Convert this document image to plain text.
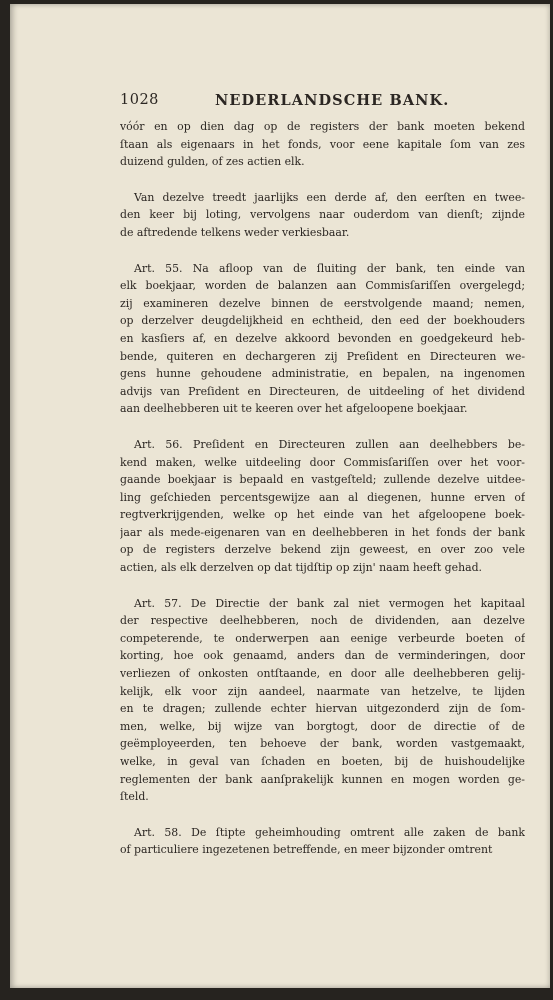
1028	NEDERLANDSCHE BANK.
vóór en op dien dag op de registers der bank moeten bekend
ſtaan als eigenaars in het fonds, voor eene kapitale ſom van zes
duizend gulden, of zes actien elk.
Van dezelve treedt jaarlijks een derde af, den eerſten en twee-
den keer bij loting, vervolgens naar ouderdom van dienſt; zijnde
de aftredende telkens weder verkiesbaar.
Art. 55. Na afloop van de ſluiting der bank, ten einde van
elk boekjaar, worden de balanzen aan Commisſariſſen overgelegd;
zij examineren dezelve binnen de eerstvolgende maand; nemen,
op derzelver deugdelijkheid en echtheid, den eed der boekhouders
en kasſiers af, en dezelve akkoord bevonden en goedgekeurd heb-
bende, quiteren en dechargeren zij Preſident en Directeuren we-
gens hunne gehoudene administratie, en bepalen, na ingenomen
advijs van Preſident en Directeuren, de uitdeeling of het dividend
aan deelhebberen uit te keeren over het afgeloopene boekjaar.
Art. 56. Preſident en Directeuren zullen aan deelhebbers be-
kend maken, welke uitdeeling door Commisſariſſen over het voor-
gaande boekjaar is bepaald en vastgeſteld; zullende dezelve uitdee-
ling geſchieden percentsgewijze aan al diegenen, hunne erven of
regtverkrijgenden, welke op het einde van het afgeloopene boek-
jaar als mede-eigenaren van en deelhebberen in het fonds der bank
op de registers derzelve bekend zijn geweest, en over zoo vele
actien, als elk derzelven op dat tijdſtip op zijn' naam heeft gehad.
Art. 57. De Directie der bank zal niet vermogen het kapitaal
der respective deelhebberen, noch de dividenden, aan dezelve
competerende, te onderwerpen aan eenige verbeurde boeten of
korting, hoe ook genaamd, anders dan de verminderingen, door
verliezen of onkosten ontſtaande, en door alle deelhebberen gelij-
kelijk, elk voor zijn aandeel, naarmate van hetzelve, te lijden
en te dragen; zullende echter hiervan uitgezonderd zijn de ſom-
men, welke, bij wijze van borgtogt, door de directie of de
geëmployeerden, ten behoeve der bank, worden vastgemaakt,
welke, in geval van ſchaden en boeten, bij de huishoudelijke
reglementen der bank aanſprakelijk kunnen en mogen worden ge-
ſteld.
Art. 58. De ſtipte geheimhouding omtrent alle zaken de bank
of particuliere ingezetenen betreffende, en meer bijzonder omtrent
